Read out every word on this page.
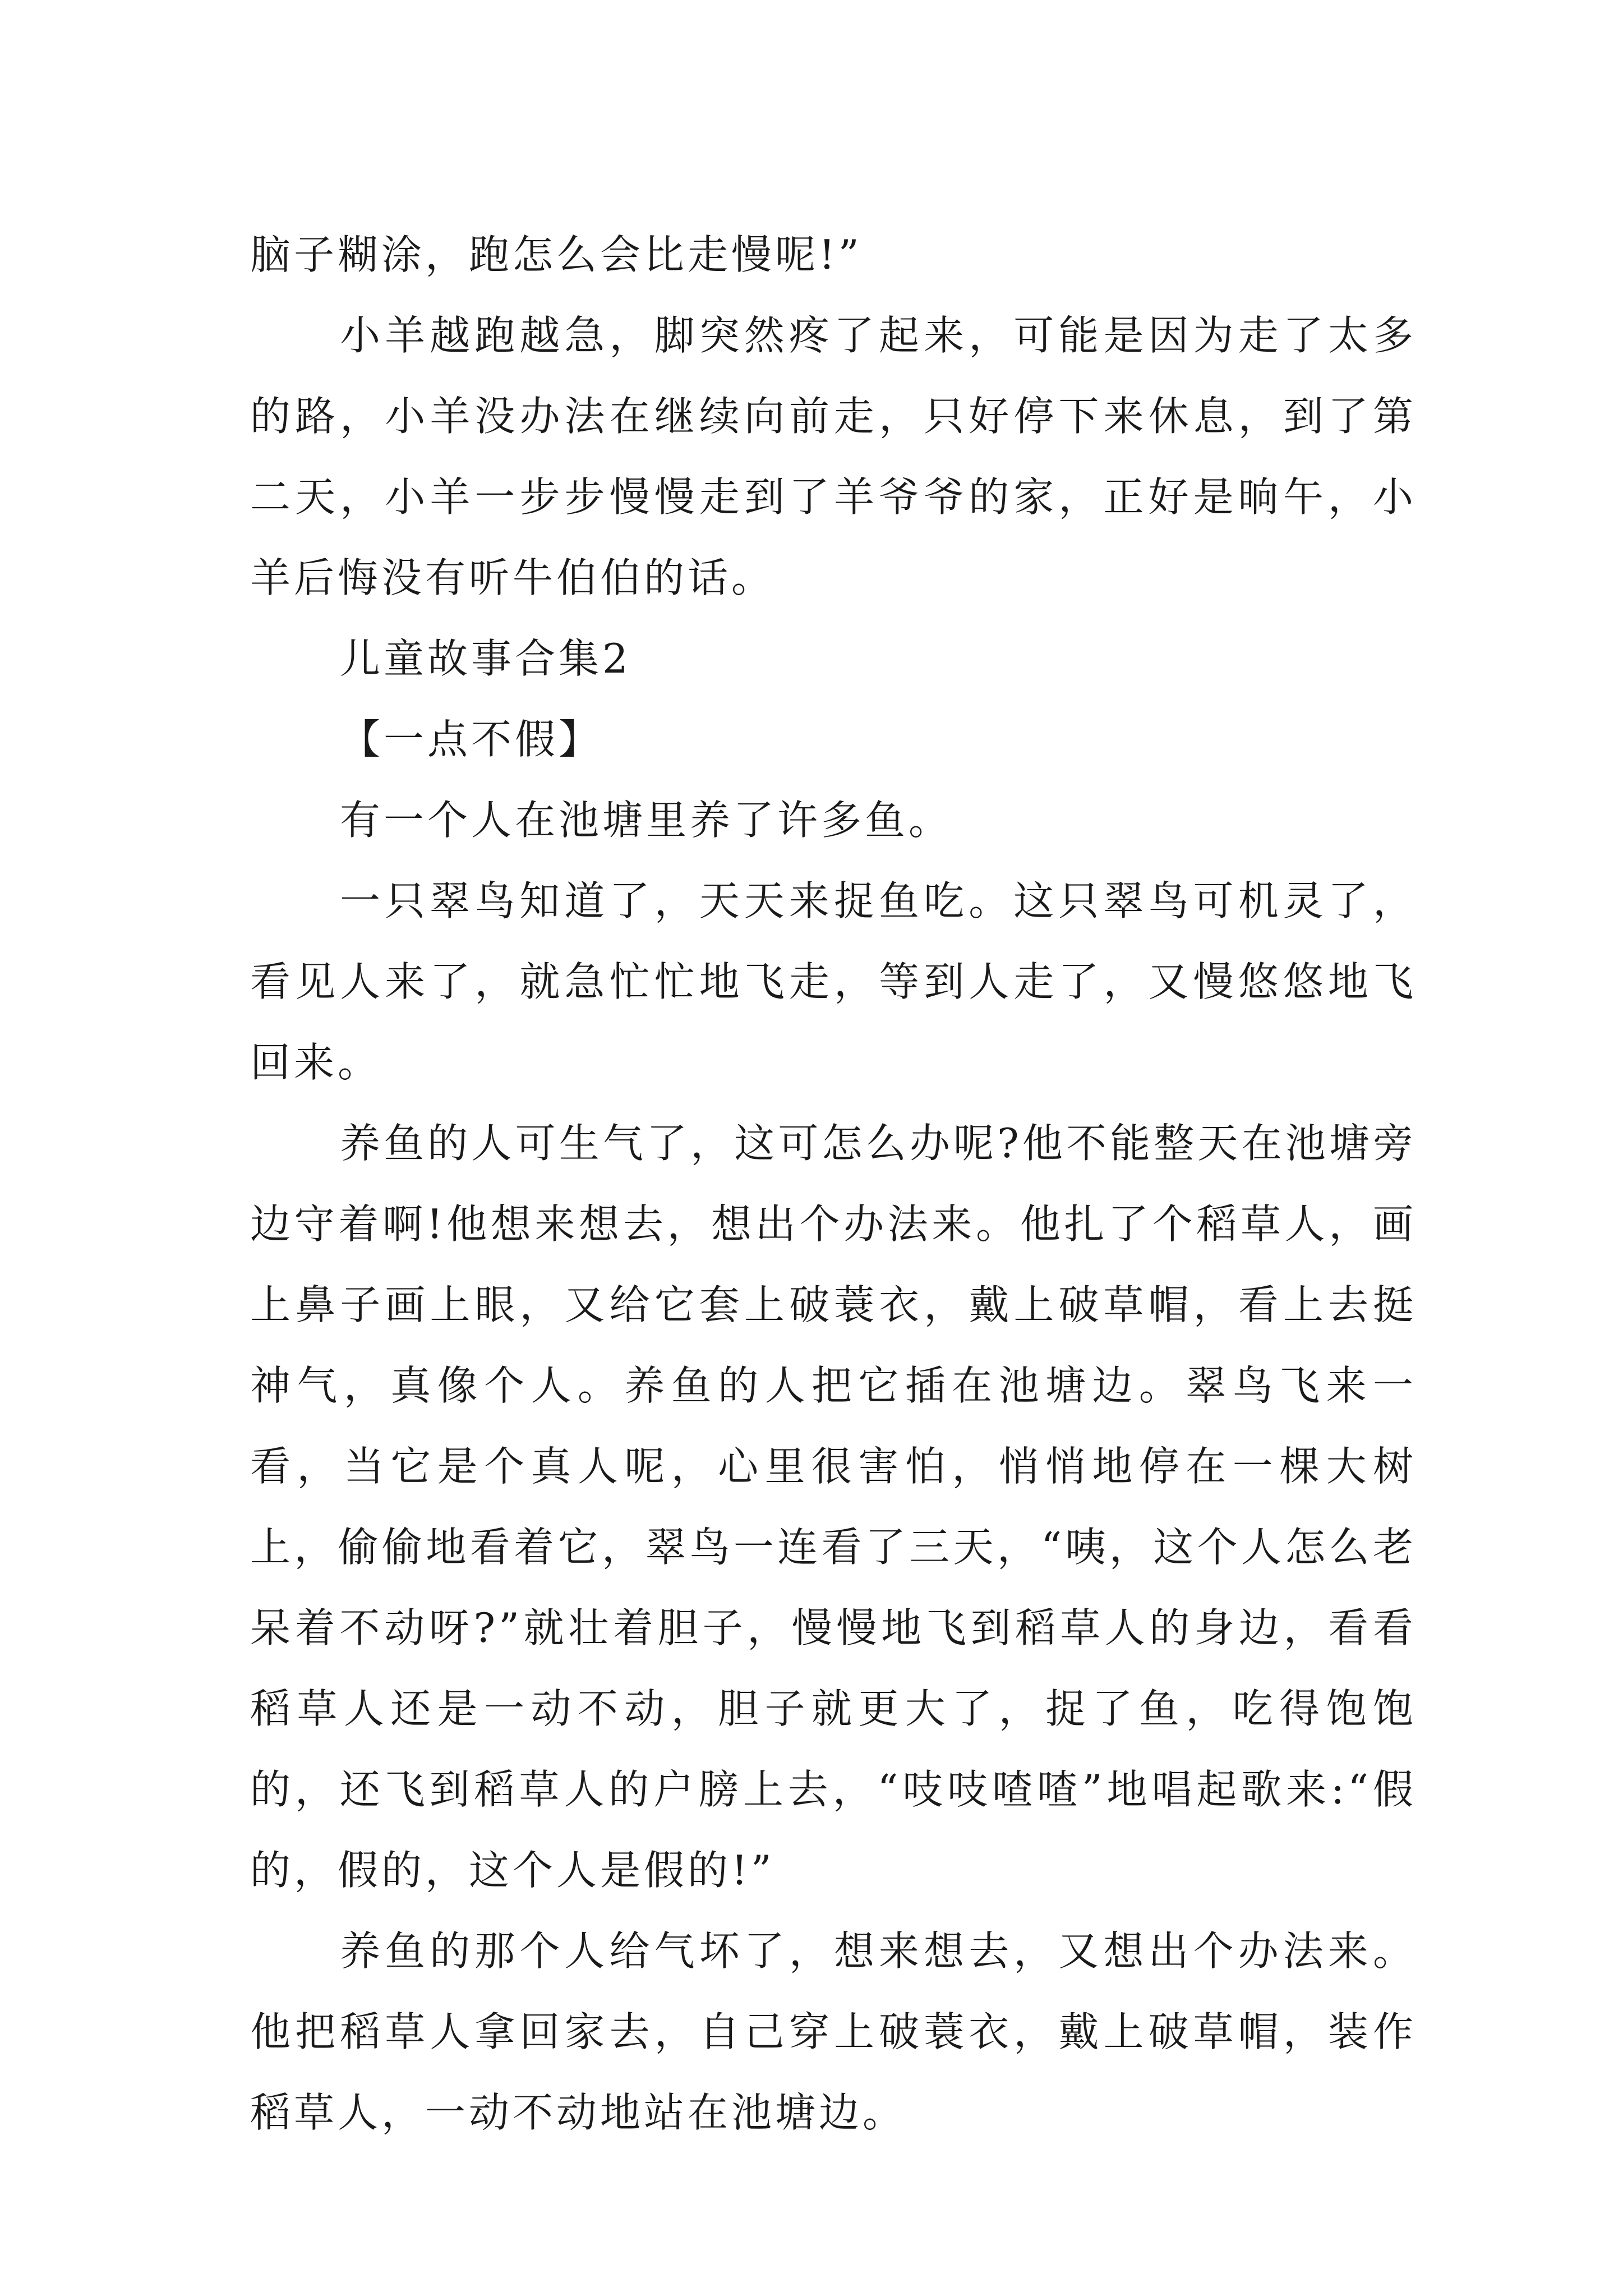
脑子糊涂，跑怎么会比走慢呢!”

小羊越跑越急，脚突然疼了起来，可能是因为走了太多的路，小羊没办法在继续向前走，只好停下来休息，到了第二天，小羊一步步慢慢走到了羊爷爷的家，正好是晌午，小羊后悔没有听牛伯伯的话。

儿童故事合集2

【一点不假】

有一个人在池塘里养了许多鱼。

一只翠鸟知道了，天天来捉鱼吃。这只翠鸟可机灵了，看见人来了，就急忙忙地飞走，等到人走了，又慢悠悠地飞回来。

养鱼的人可生气了，这可怎么办呢?他不能整天在池塘旁边守着啊!他想来想去，想出个办法来。他扎了个稻草人，画上鼻子画上眼，又给它套上破蓑衣，戴上破草帽，看上去挺神气，真像个人。养鱼的人把它插在池塘边。翠鸟飞来一看，当它是个真人呢，心里很害怕，悄悄地停在一棵大树上，偷偷地看着它，翠鸟一连看了三天，“咦，这个人怎么老呆着不动呀?”就壮着胆子，慢慢地飞到稻草人的身边，看看稻草人还是一动不动，胆子就更大了，捉了鱼，吃得饱饱的，还飞到稻草人的户膀上去，“吱吱喳喳”地唱起歌来:“假的，假的，这个人是假的!”

养鱼的那个人给气坏了，想来想去，又想出个办法来。他把稻草人拿回家去，自己穿上破蓑衣，戴上破草帽，装作稻草人，一动不动地站在池塘边。
